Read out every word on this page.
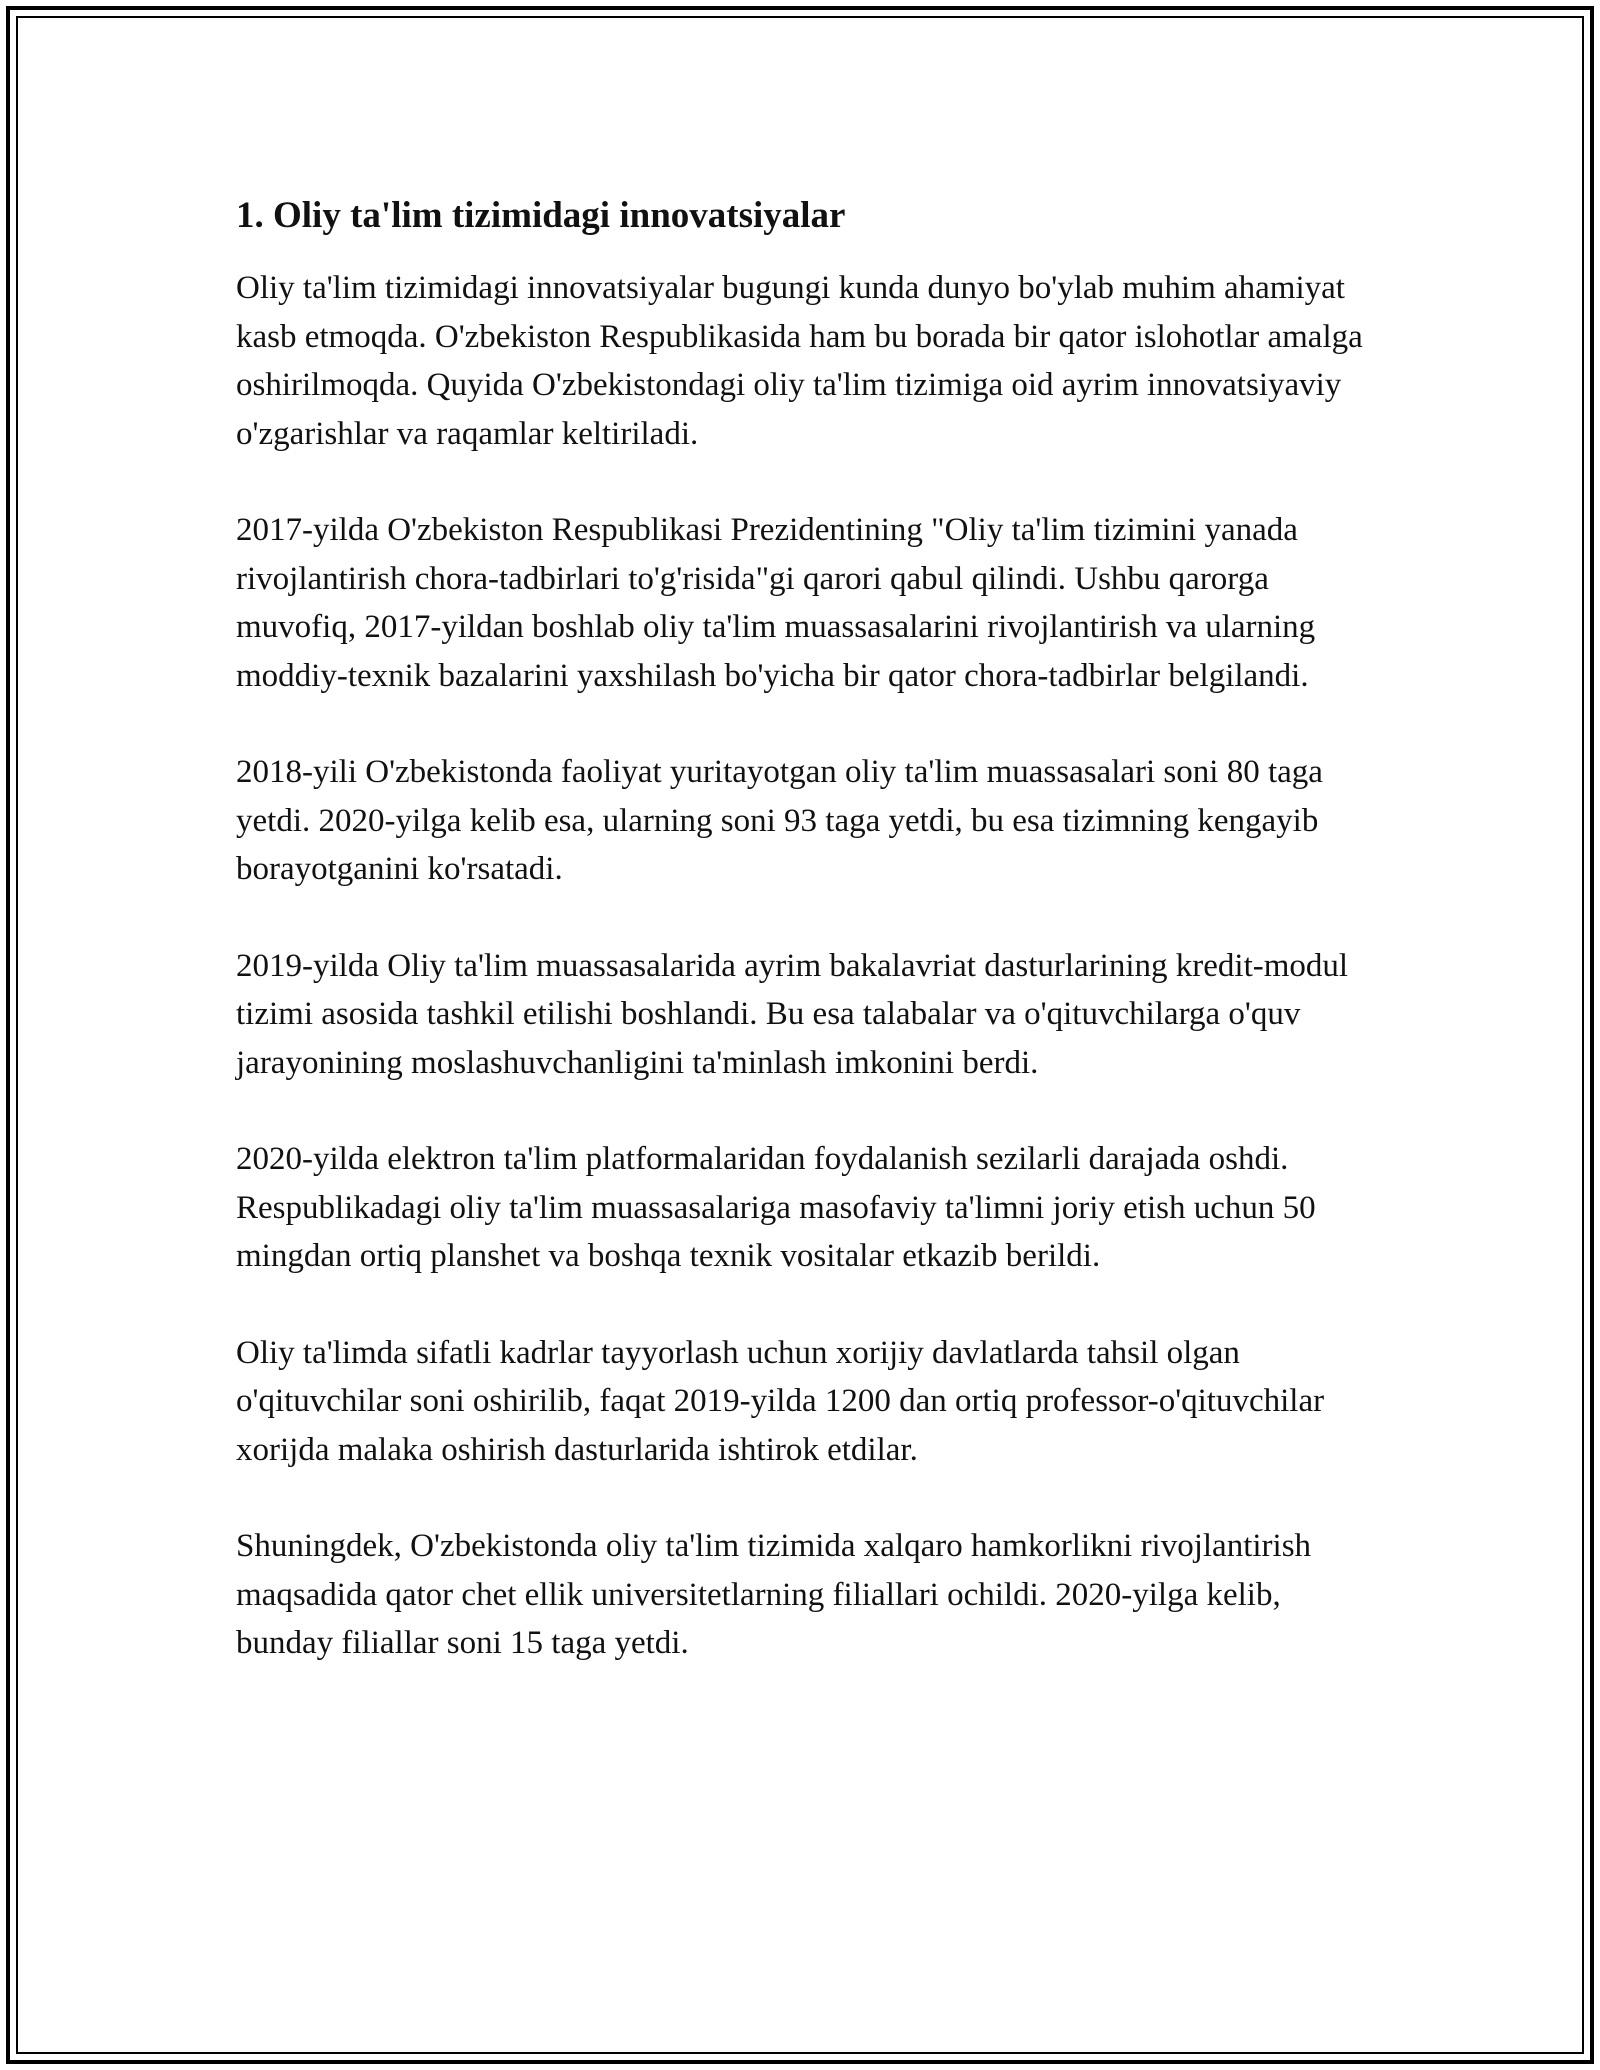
1. Oliy ta'lim tizimidagi innovatsiyalar

Oliy ta'lim tizimidagi innovatsiyalar bugungi kunda dunyo bo'ylab muhim ahamiyat kasb etmoqda. O'zbekiston Respublikasida ham bu borada bir qator islohotlar amalga oshirilmoqda. Quyida O'zbekistondagi oliy ta'lim tizimiga oid ayrim innovatsiyaviy o'zgarishlar va raqamlar keltiriladi.

2017-yilda O'zbekiston Respublikasi Prezidentining "Oliy ta'lim tizimini yanada rivojlantirish chora-tadbirlari to'g'risida"gi qarori qabul qilindi. Ushbu qarorga muvofiq, 2017-yildan boshlab oliy ta'lim muassasalarini rivojlantirish va ularning moddiy-texnik bazalarini yaxshilash bo'yicha bir qator chora-tadbirlar belgilandi.

2018-yili O'zbekistonda faoliyat yuritayotgan oliy ta'lim muassasalari soni 80 taga yetdi. 2020-yilga kelib esa, ularning soni 93 taga yetdi, bu esa tizimning kengayib borayotganini ko'rsatadi.

2019-yilda Oliy ta'lim muassasalarida ayrim bakalavriat dasturlarining kredit-modul tizimi asosida tashkil etilishi boshlandi. Bu esa talabalar va o'qituvchilarga o'quv jarayonining moslashuvchanligini ta'minlash imkonini berdi.

2020-yilda elektron ta'lim platformalaridan foydalanish sezilarli darajada oshdi. Respublikadagi oliy ta'lim muassasalariga masofaviy ta'limni joriy etish uchun 50 mingdan ortiq planshet va boshqa texnik vositalar etkazib berildi.

Oliy ta'limda sifatli kadrlar tayyorlash uchun xorijiy davlatlarda tahsil olgan o'qituvchilar soni oshirilib, faqat 2019-yilda 1200 dan ortiq professor-o'qituvchilar xorijda malaka oshirish dasturlarida ishtirok etdilar.

Shuningdek, O'zbekistonda oliy ta'lim tizimida xalqaro hamkorlikni rivojlantirish maqsadida qator chet ellik universitetlarning filiallari ochildi. 2020-yilga kelib, bunday filiallar soni 15 taga yetdi.
